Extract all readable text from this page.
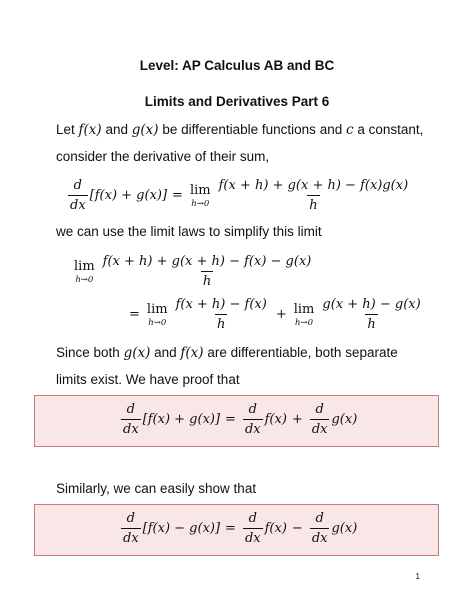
Level: AP Calculus AB and BC
Limits and Derivatives Part 6
Let f(x) and g(x) be differentiable functions and c a constant,
consider the derivative of their sum,
$\frac{d}{dx} [f(x) + g(x)] = \lim$
$h\to 0 \frac{f(x + h) + g(x + h) - f(x)g(x)}{h}$
we can use the limit laws to simplify this limit
lim
$h\to 0 \frac{f(x + h) + g(x + h) - f(x) - g(x)}{h}$
= lim
$h\to 0 \frac{f(x + h) - f(x)}{h} + \lim$
$h\to 0 \frac{g(x + h) - g(x)}{h}$
Since both g(x) and f(x) are differentiable, both separate
limits exist. We have proof that
$\frac{d}{dx} [f(x) + g(x)] = \frac{d}{dx} f(x) + \frac{d}{dx} g(x)$
Similarly, we can easily show that
$\frac{d}{dx} [f(x) - g(x)] = \frac{d}{dx} f(x) - \frac{d}{dx} g(x)$
1
